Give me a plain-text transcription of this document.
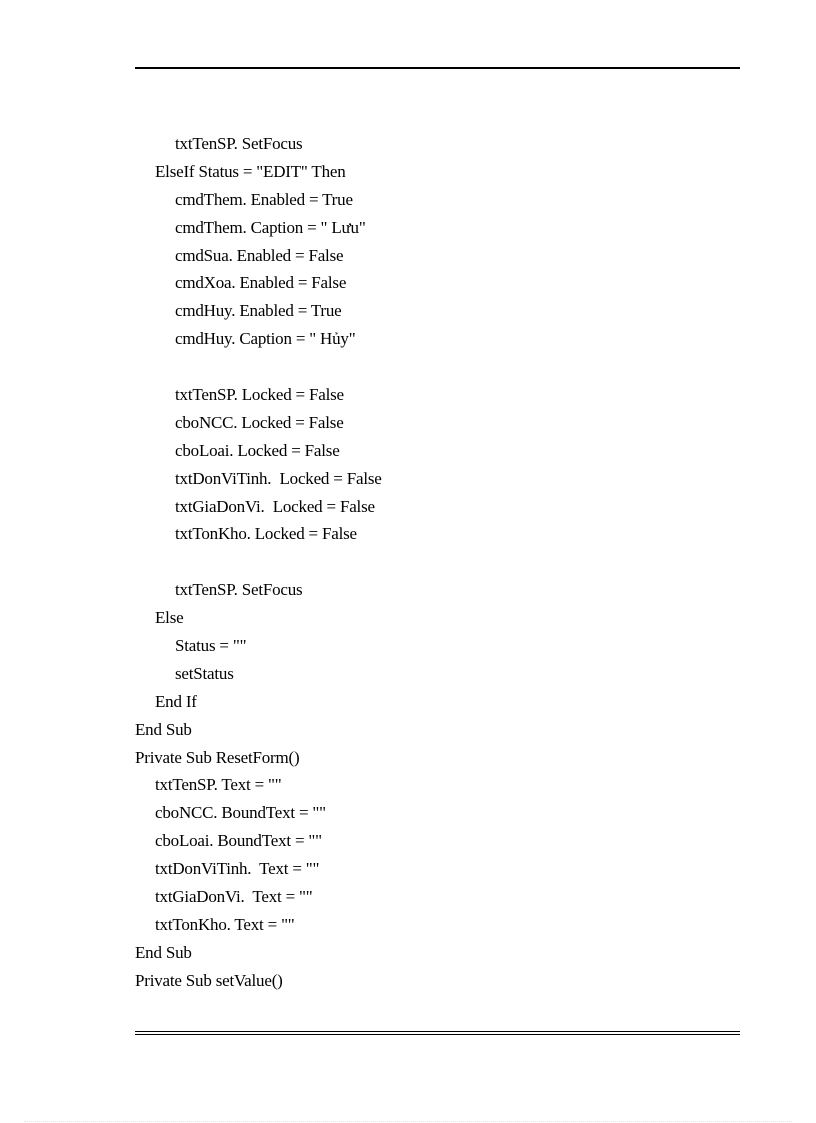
txtTenSP. SetFocus
ElseIf Status = "EDIT" Then
cmdThem. Enabled = True
cmdThem. Caption = " Lưu"
cmdSua. Enabled = False
cmdXoa. Enabled = False
cmdHuy. Enabled = True
cmdHuy. Caption = " Hủy"
txtTenSP. Locked = False
cboNCC. Locked = False
cboLoai. Locked = False
txtDonViTinh.  Locked = False
txtGiaDonVi.  Locked = False
txtTonKho. Locked = False
txtTenSP. SetFocus
Else
Status = ""
setStatus
End If
End Sub
Private Sub ResetForm()
txtTenSP. Text = ""
cboNCC. BoundText = ""
cboLoai. BoundText = ""
txtDonViTinh.  Text = ""
txtGiaDonVi.  Text = ""
txtTonKho. Text = ""
End Sub
Private Sub setValue()
